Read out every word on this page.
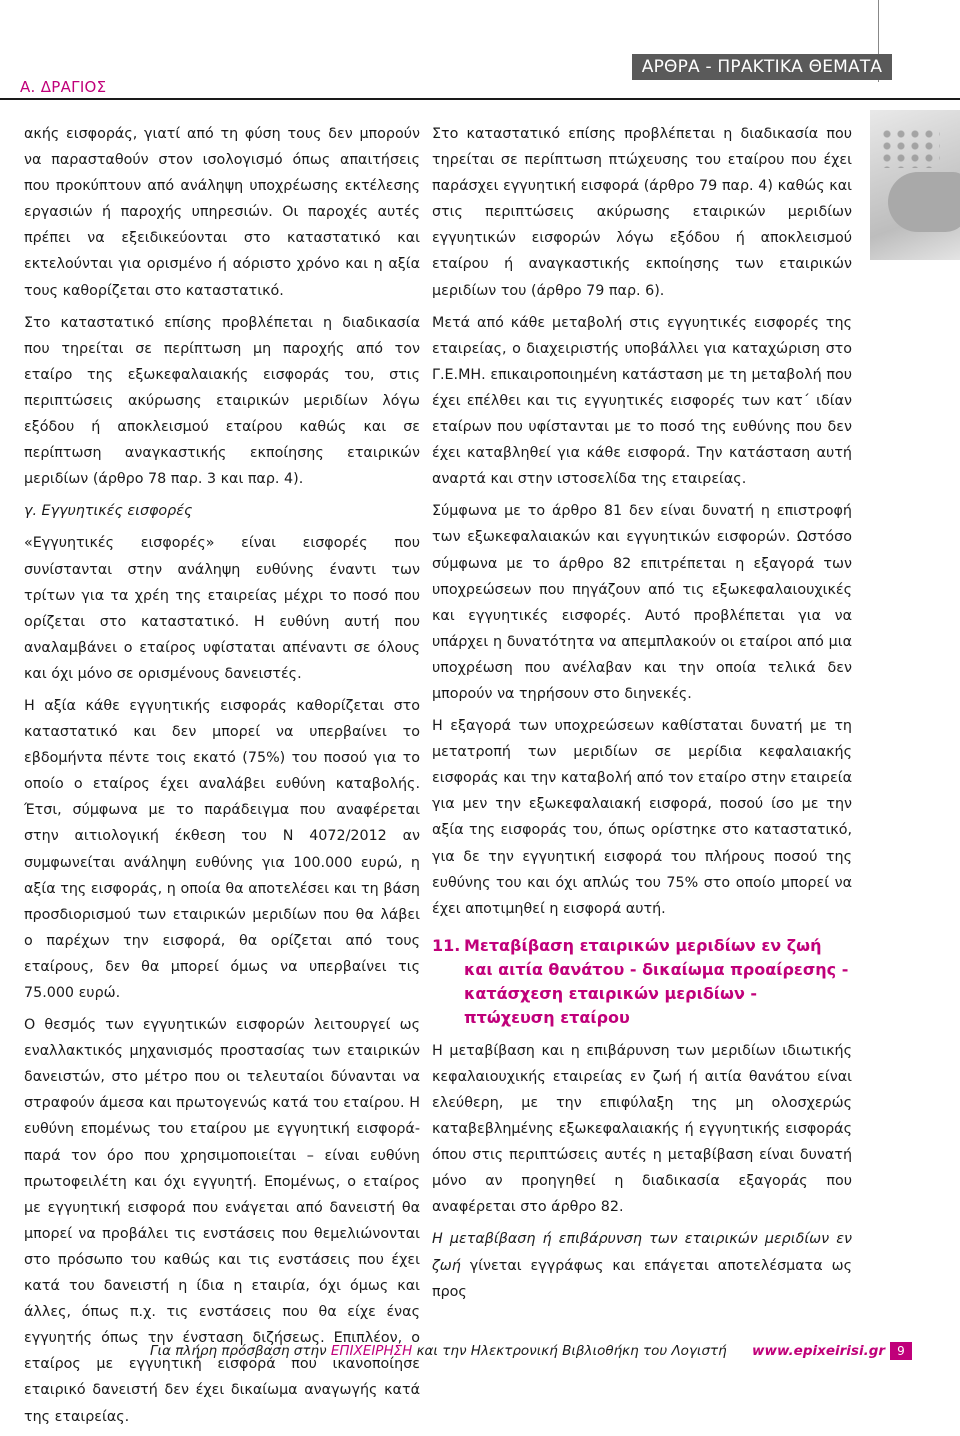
Α. ΔΡΑΓΙΟΣ
ΑΡΘΡΑ - ΠΡΑΚΤΙΚΑ ΘΕΜΑΤΑ

ακής εισφοράς, γιατί από τη φύση τους δεν μπορούν να παρασταθούν στον ισολογισμό όπως απαιτήσεις που προκύπτουν από ανάληψη υποχρέωσης εκτέλεσης εργασιών ή παροχής υπηρεσιών. Οι παροχές αυτές πρέπει να εξειδικεύονται στο καταστατικό και εκτελούνται για ορισμένο ή αόριστο χρόνο και η αξία τους καθορίζεται στο καταστατικό.

Στο καταστατικό επίσης προβλέπεται η διαδικασία που τηρείται σε περίπτωση μη παροχής από τον εταίρο της εξωκεφαλαιακής εισφοράς του, στις περιπτώσεις ακύρωσης εταιρικών μεριδίων λόγω εξόδου ή αποκλεισμού εταίρου καθώς και σε περίπτωση αναγκαστικής εκποίησης εταιρικών μεριδίων (άρθρο 78 παρ. 3 και παρ. 4).

γ. Εγγυητικές εισφορές

«Εγγυητικές εισφορές» είναι εισφορές που συνίστανται στην ανάληψη ευθύνης έναντι των τρίτων για τα χρέη της εταιρείας μέχρι το ποσό που ορίζεται στο καταστατικό. Η ευθύνη αυτή που αναλαμβάνει ο εταίρος υφίσταται απέναντι σε όλους και όχι μόνο σε ορισμένους δανειστές.

Η αξία κάθε εγγυητικής εισφοράς καθορίζεται στο καταστατικό και δεν μπορεί να υπερβαίνει το εβδομήντα πέντε τοις εκατό (75%) του ποσού για το οποίο ο εταίρος έχει αναλάβει ευθύνη καταβολής. Έτσι, σύμφωνα με το παράδειγμα που αναφέρεται στην αιτιολογική έκθεση του Ν 4072/2012 αν συμφωνείται ανάληψη ευθύνης για 100.000 ευρώ, η αξία της εισφοράς, η οποία θα αποτελέσει και τη βάση προσδιορισμού των εταιρικών μεριδίων που θα λάβει ο παρέχων την εισφορά, θα ορίζεται από τους εταίρους, δεν θα μπορεί όμως να υπερβαίνει τις 75.000 ευρώ.

Ο θεσμός των εγγυητικών εισφορών λειτουργεί ως εναλλακτικός μηχανισμός προστασίας των εταιρικών δανειστών, στο μέτρο που οι τελευταίοι δύνανται να στραφούν άμεσα και πρωτογενώς κατά του εταίρου. Η ευθύνη επομένως του εταίρου με εγγυητική εισφορά-παρά τον όρο που χρησιμοποιείται – είναι ευθύνη πρωτοφειλέτη και όχι εγγυητή. Επομένως, ο εταίρος με εγγυητική εισφορά που ενάγεται από δανειστή θα μπορεί να προβάλει τις ενστάσεις που θεμελιώνονται στο πρόσωπο του καθώς και τις ενστάσεις που έχει κατά του δανειστή η ίδια η εταιρία, όχι όμως και άλλες, όπως π.χ. τις ενστάσεις που θα είχε ένας εγγυητής όπως την ένσταση διζήσεως. Επιπλέον, ο εταίρος με εγγυητική εισφορά που ικανοποίησε εταιρικό δανειστή δεν έχει δικαίωμα αναγωγής κατά της εταιρείας.

Στο καταστατικό επίσης προβλέπεται η διαδικασία που τηρείται σε περίπτωση πτώχευσης του εταίρου που έχει παράσχει εγγυητική εισφορά (άρθρο 79 παρ. 4) καθώς και στις περιπτώσεις ακύρωσης εταιρικών μεριδίων εγγυητικών εισφορών λόγω εξόδου ή αποκλεισμού εταίρου ή αναγκαστικής εκποίησης των εταιρικών μεριδίων του (άρθρο 79 παρ. 6).

Μετά από κάθε μεταβολή στις εγγυητικές εισφορές της εταιρείας, ο διαχειριστής υποβάλλει για καταχώριση στο Γ.Ε.ΜΗ. επικαιροποιημένη κατάσταση με τη μεταβολή που έχει επέλθει και τις εγγυητικές εισφορές των κατ΄ ιδίαν εταίρων που υφίστανται με το ποσό της ευθύνης που δεν έχει καταβληθεί για κάθε εισφορά. Την κατάσταση αυτή αναρτά και στην ιστοσελίδα της εταιρείας.

Σύμφωνα με το άρθρο 81 δεν είναι δυνατή η επιστροφή των εξωκεφαλαιακών και εγγυητικών εισφορών. Ωστόσο σύμφωνα με το άρθρο 82 επιτρέπεται η εξαγορά των υποχρεώσεων που πηγάζουν από τις εξωκεφαλαιουχικές και εγγυητικές εισφορές. Αυτό προβλέπεται για να υπάρχει η δυνατότητα να απεμπλακούν οι εταίροι από μια υποχρέωση που ανέλαβαν και την οποία τελικά δεν μπορούν να τηρήσουν στο διηνεκές.

Η εξαγορά των υποχρεώσεων καθίσταται δυνατή με τη μετατροπή των μεριδίων σε μερίδια κεφαλαιακής εισφοράς και την καταβολή από τον εταίρο στην εταιρεία για μεν την εξωκεφαλαιακή εισφορά, ποσού ίσο με την αξία της εισφοράς του, όπως ορίστηκε στο καταστατικό, για δε την εγγυητική εισφορά του πλήρους ποσού της ευθύνης του και όχι απλώς του 75% στο οποίο μπορεί να έχει αποτιμηθεί η εισφορά αυτή.

11. Μεταβίβαση εταιρικών μεριδίων εν ζωή και αιτία θανάτου - δικαίωμα προαίρεσης - κατάσχεση εταιρικών μεριδίων - πτώχευση εταίρου

Η μεταβίβαση και η επιβάρυνση των μεριδίων ιδιωτικής κεφαλαιουχικής εταιρείας εν ζωή ή αιτία θανάτου είναι ελεύθερη, με την επιφύλαξη της μη ολοσχερώς καταβεβλημένης εξωκεφαλαιακής ή εγγυητικής εισφοράς όπου στις περιπτώσεις αυτές η μεταβίβαση είναι δυνατή μόνο αν προηγηθεί η διαδικασία εξαγοράς που αναφέρεται στο άρθρο 82.

Η μεταβίβαση ή επιβάρυνση των εταιρικών μεριδίων εν ζωή γίνεται εγγράφως και επάγεται αποτελέσματα ως προς

Για πλήρη πρόσβαση στην ΕΠΙΧΕΙΡΗΣΗ και την Ηλεκτρονική Βιβλιοθήκη του Λογιστή www.epixeirisi.gr	9
